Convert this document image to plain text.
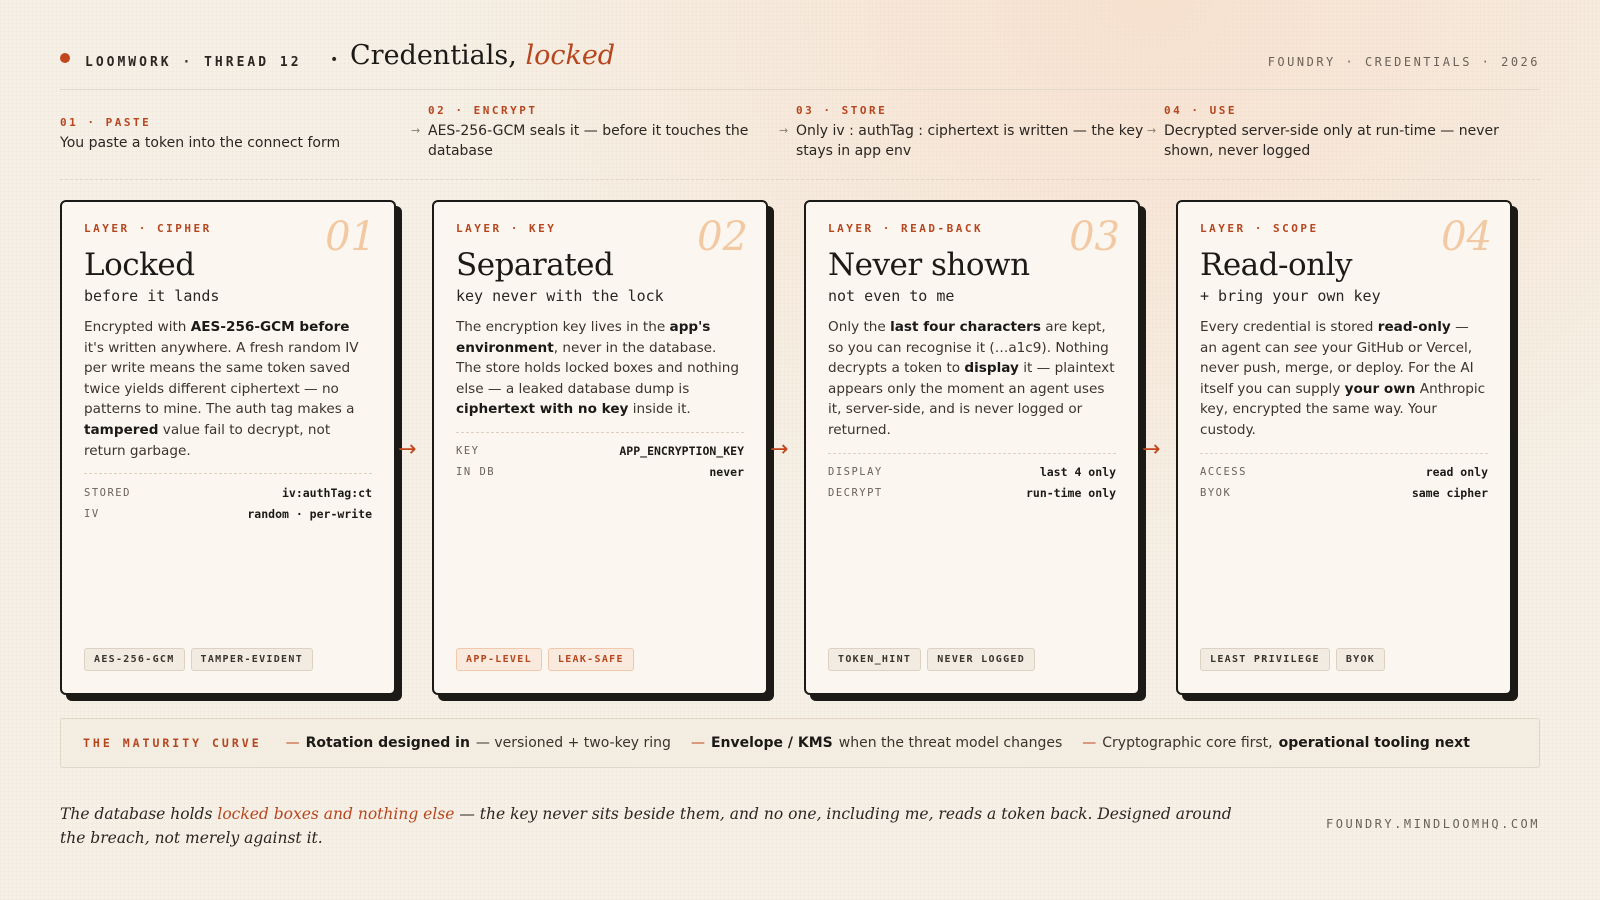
LOOMWORK · THREAD 12 • Credentials, locked	FOUNDRY · CREDENTIALS · 2026
01 · PASTE
You paste a token into the connect form
02 · ENCRYPT
→ AES-256-GCM seals it — before it touches the database
03 · STORE
→ Only iv : authTag : ciphertext is written — the key stays in app env
04 · USE
→ Decrypted server-side only at run-time — never shown, never logged
LAYER · CIPHER	01
Locked
before it lands
Encrypted with AES-256-GCM before it's written anywhere. A fresh random IV per write means the same token saved twice yields different ciphertext — no patterns to mine. The auth tag makes a tampered value fail to decrypt, not return garbage.
STORED	iv:authTag:ct
IV	random · per-write
AES-256-GCM	TAMPER-EVIDENT
LAYER · KEY	02
Separated
key never with the lock
The encryption key lives in the app's environment, never in the database. The store holds locked boxes and nothing else — a leaked database dump is ciphertext with no key inside it.
KEY	APP_ENCRYPTION_KEY
IN DB	never
APP-LEVEL	LEAK-SAFE
LAYER · READ-BACK	03
Never shown
not even to me
Only the last four characters are kept, so you can recognise it (…a1c9). Nothing decrypts a token to display it — plaintext appears only the moment an agent uses it, server-side, and is never logged or returned.
DISPLAY	last 4 only
DECRYPT	run-time only
TOKEN_HINT	NEVER LOGGED
LAYER · SCOPE	04
Read-only
+ bring your own key
Every credential is stored read-only — an agent can see your GitHub or Vercel, never push, merge, or deploy. For the AI itself you can supply your own Anthropic key, encrypted the same way. Your custody.
ACCESS	read only
BYOK	same cipher
LEAST PRIVILEGE	BYOK
→	→	→
THE MATURITY CURVE — Rotation designed in — versioned + two-key ring — Envelope / KMS when the threat model changes — Cryptographic core first, operational tooling next
The database holds locked boxes and nothing else — the key never sits beside them, and no one, including me, reads a token back. Designed around the breach, not merely against it.
FOUNDRY.MINDLOOMHQ.COM
